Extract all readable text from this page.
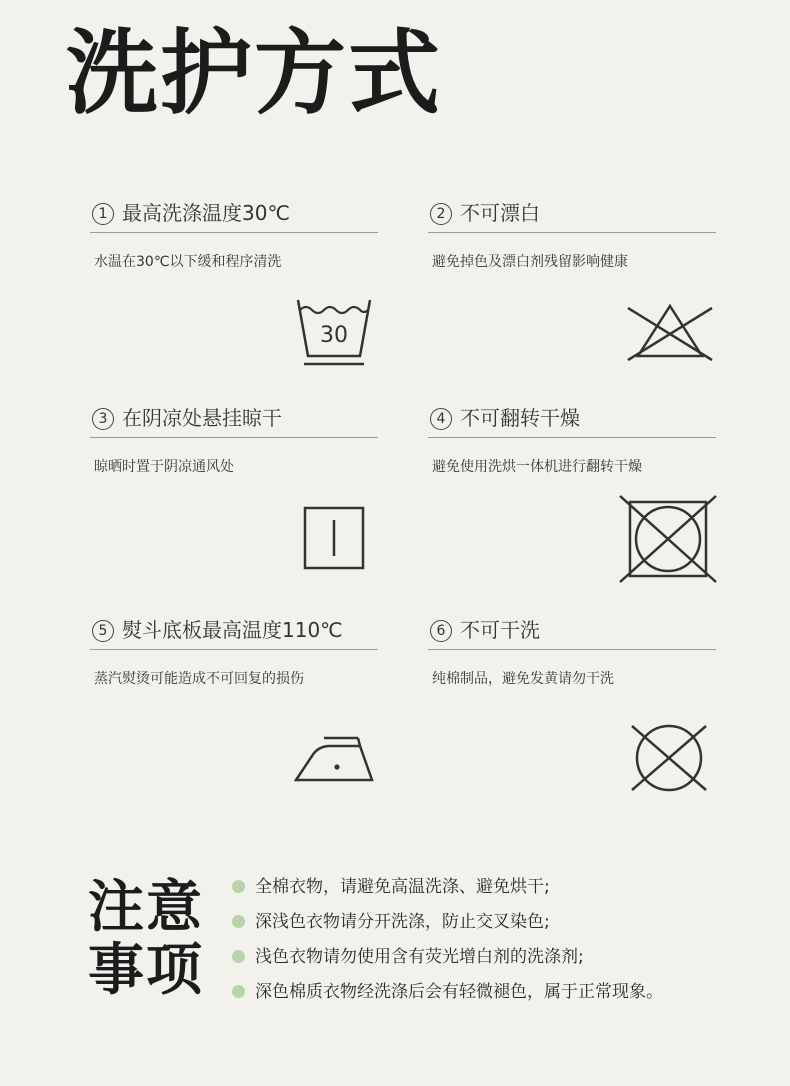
洗护方式
1 最高洗涤温度30℃
水温在30℃以下缓和程序清洗
30
2 不可漂白
避免掉色及漂白剂残留影响健康
3 在阴凉处悬挂晾干
晾晒时置于阴凉通风处
4 不可翻转干燥
避免使用洗烘一体机进行翻转干燥
5 熨斗底板最高温度110℃
蒸汽熨烫可能造成不可回复的损伤
6 不可干洗
纯棉制品，避免发黄请勿干洗
注意
事项
全棉衣物，请避免高温洗涤、避免烘干;
深浅色衣物请分开洗涤，防止交叉染色;
浅色衣物请勿使用含有荧光增白剂的洗涤剂;
深色棉质衣物经洗涤后会有轻微褪色，属于正常现象。
